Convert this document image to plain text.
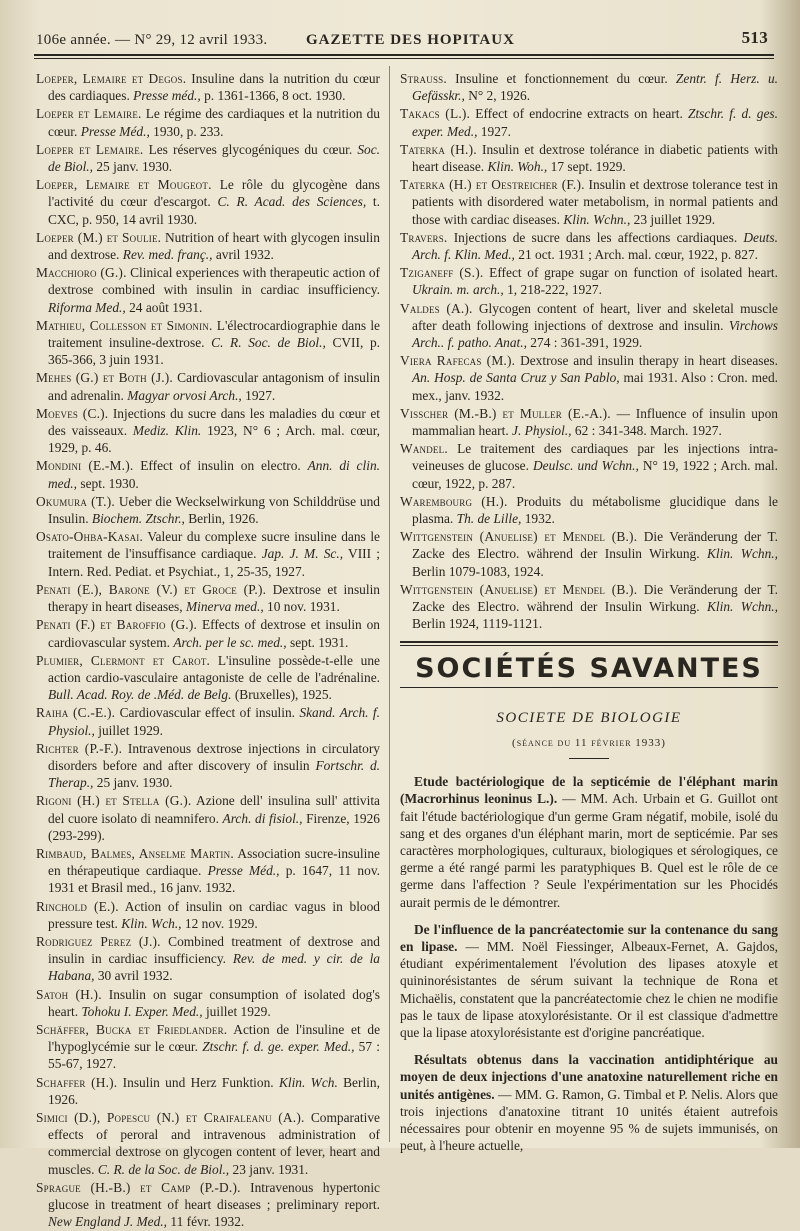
106e année. — N° 29, 12 avril 1933.	GAZETTE DES HOPITAUX	513

Loeper, Lemaire et Degos. Insuline dans la nutrition du cœur des cardiaques. Presse méd., p. 1361-1366, 8 oct. 1930.

Loeper et Lemaire. Le régime des cardiaques et la nutrition du cœur. Presse Méd., 1930, p. 233.

Loeper et Lemaire. Les réserves glycogéniques du cœur. Soc. de Biol., 25 janv. 1930.

Loeper, Lemaire et Mougeot. Le rôle du glycogène dans l'activité du cœur d'escargot. C. R. Acad. des Sciences, t. CXC, p. 950, 14 avril 1930.

Loeper (M.) et Soulie. Nutrition of heart with glycogen insulin and dextrose. Rev. med. franç., avril 1932.

Macchioro (G.). Clinical experiences with therapeutic action of dextrose combined with insulin in cardiac insufficiency. Riforma Med., 24 août 1931.

Mathieu, Collesson et Simonin. L'électrocardiographie dans le traitement insuline-dextrose. C. R. Soc. de Biol., CVII, p. 365-366, 3 juin 1931.

Mehes (G.) et Both (J.). Cardiovascular antagonism of insulin and adrenalin. Magyar orvosi Arch., 1927.

Moeves (C.). Injections du sucre dans les maladies du cœur et des vaisseaux. Mediz. Klin. 1923, N° 6 ; Arch. mal. cœur, 1929, p. 46.

Mondini (E.-M.). Effect of insulin on electro. Ann. di clin. med., sept. 1930.

Okumura (T.). Ueber die Weckselwirkung von Schilddrüse und Insulin. Biochem. Ztschr., Berlin, 1926.

Osato-Ohba-Kasai. Valeur du complexe sucre insuline dans le traitement de l'insuffisance cardiaque. Jap. J. M. Sc., VIII ; Intern. Red. Pediat. et Psychiat., 1, 25-35, 1927.

Penati (E.), Barone (V.) et Groce (P.). Dextrose et insulin therapy in heart diseases, Minerva med., 10 nov. 1931.

Penati (F.) et Baroffio (G.). Effects of dextrose et insulin on cardiovascular system. Arch. per le sc. med., sept. 1931.

Plumier, Clermont et Carot. L'insuline possède-t-elle une action cardio-vasculaire antagoniste de celle de l'adrénaline. Bull. Acad. Roy. de .Méd. de Belg. (Bruxelles), 1925.

Raiha (C.-E.). Cardiovascular effect of insulin. Skand. Arch. f. Physiol., juillet 1929.

Richter (P.-F.). Intravenous dextrose injections in circulatory disorders before and after discovery of insulin Fortschr. d. Therap., 25 janv. 1930.

Rigoni (H.) et Stella (G.). Azione dell' insulina sull' attivita del cuore isolato di neamnifero. Arch. di fisiol., Firenze, 1926 (293-299).

Rimbaud, Balmes, Anselme Martin. Association sucre-insuline en thérapeutique cardiaque. Presse Méd., p. 1647, 11 nov. 1931 et Brasil med., 16 janv. 1932.

Rinchold (E.). Action of insulin on cardiac vagus in blood pressure test. Klin. Wch., 12 nov. 1929.

Rodriguez Perez (J.). Combined treatment of dextrose and insulin in cardiac insufficiency. Rev. de med. y cir. de la Habana, 30 avril 1932.

Satoh (H.). Insulin on sugar consumption of isolated dog's heart. Tohoku I. Exper. Med., juillet 1929.

Schäffer, Bucka et Friedlander. Action de l'insuline et de l'hypoglycémie sur le cœur. Ztschr. f. d. ge. exper. Med., 57 : 55-67, 1927.

Schaffer (H.). Insulin und Herz Funktion. Klin. Wch. Berlin, 1926.

Simici (D.), Popescu (N.) et Craifaleanu (A.). Comparative effects of peroral and intravenous administration of commercial dextrose on glycogen content of lever, heart and muscles. C. R. de la Soc. de Biol., 23 janv. 1931.

Sprague (H.-B.) et Camp (P.-D.). Intravenous hypertonic glucose in treatment of heart diseases ; preliminary report. New England J. Med., 11 févr. 1932.

Strauss. Insuline et fonctionnement du cœur. Zentr. f. Herz. u. Gefässkr., N° 2, 1926.

Takacs (L.). Effect of endocrine extracts on heart. Ztschr. f. d. ges. exper. Med., 1927.

Taterka (H.). Insulin et dextrose tolérance in diabetic patients with heart disease. Klin. Woh., 17 sept. 1929.

Taterka (H.) et Oestreicher (F.). Insulin et dextrose tolerance test in patients with disordered water metabolism, in normal patients and those with cardiac diseases. Klin. Wchn., 23 juillet 1929.

Travers. Injections de sucre dans les affections cardiaques. Deuts. Arch. f. Klin. Med., 21 oct. 1931 ; Arch. mal. cœur, 1922, p. 827.

Tziganeff (S.). Effect of grape sugar on function of isolated heart. Ukrain. m. arch., 1, 218-222, 1927.

Valdes (A.). Glycogen content of heart, liver and skeletal muscle after death following injections of dextrose and insulin. Virchows Arch.. f. patho. Anat., 274 : 361-391, 1929.

Viera Rafecas (M.). Dextrose and insulin therapy in heart diseases. An. Hosp. de Santa Cruz y San Pablo, mai 1931. Also : Cron. med. mex., janv. 1932.

Visscher (M.-B.) et Muller (E.-A.). — Influence of insulin upon mammalian heart. J. Physiol., 62 : 341-348. March. 1927.

Wandel. Le traitement des cardiaques par les injections intra-veineuses de glucose. Deulsc. und Wchn., N° 19, 1922 ; Arch. mal. cœur, 1922, p. 287.

Warembourg (H.). Produits du métabolisme glucidique dans le plasma. Th. de Lille, 1932.

Wittgenstein (Anuelise) et Mendel (B.). Die Veränderung der T. Zacke des Electro. während der Insulin Wirkung. Klin. Wchn., Berlin 1079-1083, 1924.

Wittgenstein (Anuelise) et Mendel (B.). Die Veränderung der T. Zacke des Electro. während der Insulin Wirkung. Klin. Wchn., Berlin 1924, 1119-1121.

SOCIÉTÉS SAVANTES
SOCIETE DE BIOLOGIE
(séance du 11 février 1933)

Etude bactériologique de la septicémie de l'éléphant marin (Macrorhinus leoninus L.). — MM. Ach. Urbain et G. Guillot ont fait l'étude bactériologique d'un germe Gram négatif, mobile, isolé du sang et des organes d'un éléphant marin, mort de septicémie. Par ses caractères morphologiques, culturaux, biologiques et sérologiques, ce germe a été rangé parmi les paratyphiques B. Quel est le rôle de ce germe dans l'affection ? Seule l'expérimentation sur les Phocidés aurait permis de le démontrer.

De l'influence de la pancréatectomie sur la contenance du sang en lipase. — MM. Noël Fiessinger, Albeaux-Fernet, A. Gajdos, étudiant expérimentalement l'évolution des lipases atoxyle et quininorésistantes de sérum suivant la technique de Rona et Michaëlis, constatent que la pancréatectomie chez le chien ne modifie pas le taux de lipase atoxylorésistante. Or il est classique d'admettre que la lipase atoxylorésistante est d'origine pancréatique.

Résultats obtenus dans la vaccination antidiphtérique au moyen de deux injections d'une anatoxine naturellement riche en unités antigènes. — MM. G. Ramon, G. Timbal et P. Nelis. Alors que trois injections d'anatoxine titrant 10 unités étaient autrefois nécessaires pour obtenir en moyenne 95 % de sujets immunisés, on peut, à l'heure actuelle,
